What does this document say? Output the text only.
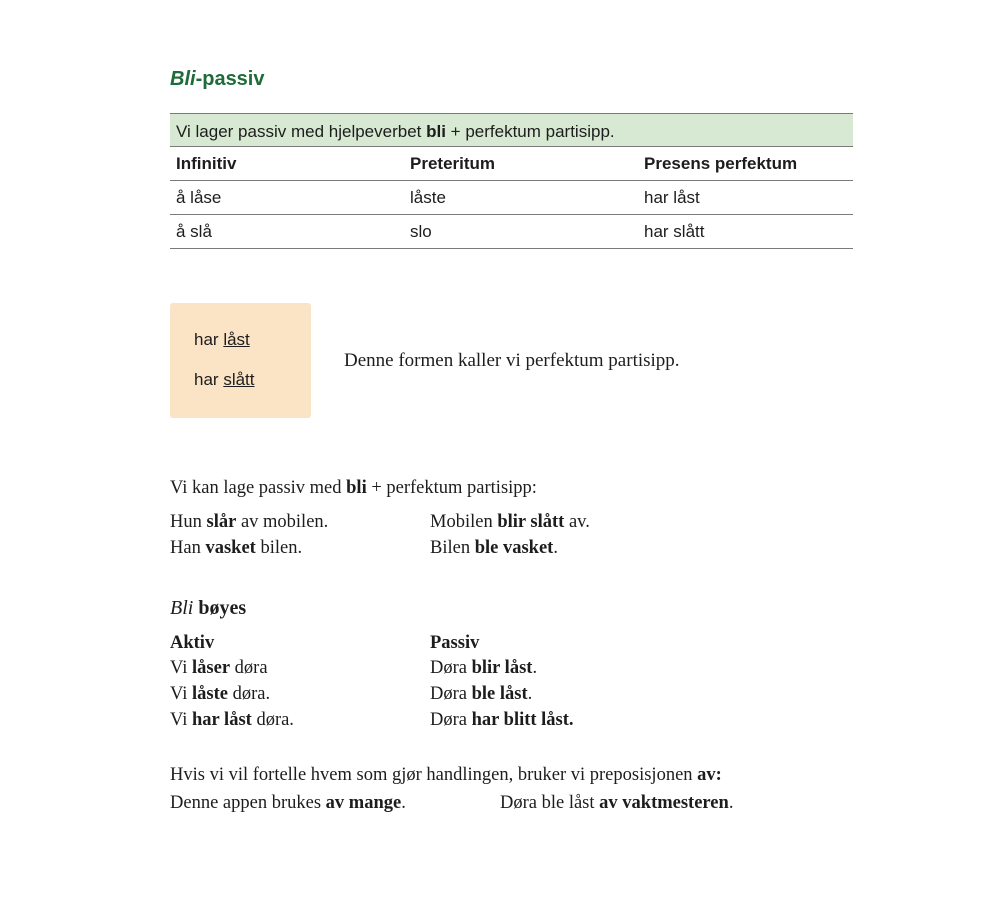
Bli-passiv
Vi lager passiv med hjelpeverbet bli + perfektum partisipp.
Infinitiv	Preteritum	Presens perfektum
å låse	låste	har låst
å slå	slo	har slått
har låst
har slått
Denne formen kaller vi perfektum partisipp.
Vi kan lage passiv med bli + perfektum partisipp:
Hun slår av mobilen.	Mobilen blir slått av.
Han vasket bilen.	Bilen ble vasket.
Bli bøyes
Aktiv	Passiv
Vi låser døra	Døra blir låst.
Vi låste døra.	Døra ble låst.
Vi har låst døra.	Døra har blitt låst.
Hvis vi vil fortelle hvem som gjør handlingen, bruker vi preposisjonen av:
Denne appen brukes av mange.	Døra ble låst av vaktmesteren.
